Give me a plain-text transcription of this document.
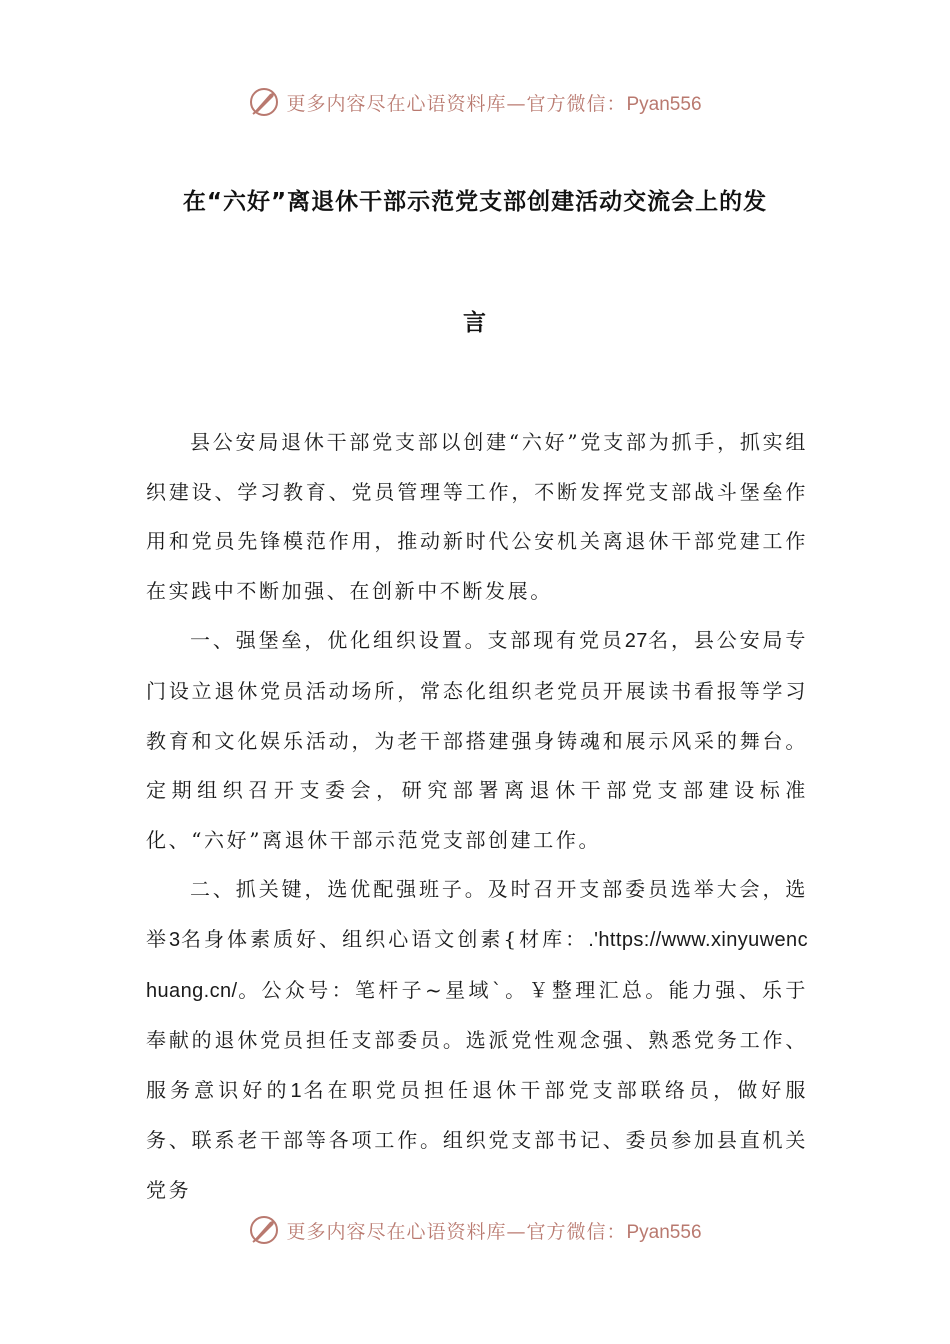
更多内容尽在心语资料库—官方微信：Pyan556
在“六好”离退休干部示范党支部创建活动交流会上的发
言

县公安局退休干部党支部以创建“六好”党支部为抓手，抓实组织建设、学习教育、党员管理等工作，不断发挥党支部战斗堡垒作用和党员先锋模范作用，推动新时代公安机关离退休干部党建工作在实践中不断加强、在创新中不断发展。

一、强堡垒，优化组织设置。支部现有党员27名，县公安局专门设立退休党员活动场所，常态化组织老党员开展读书看报等学习教育和文化娱乐活动，为老干部搭建强身铸魂和展示风采的舞台。定期组织召开支委会，研究部署离退休干部党支部建设标准化、“六好”离退休干部示范党支部创建工作。

二、抓关键，选优配强班子。及时召开支部委员选举大会，选举3名身体素质好、组织心语文创素{材库：.'https://www.xinyuwenchuang.cn/。公众号：笔杆子~星域`。￥整理汇总。能力强、乐于奉献的退休党员担任支部委员。选派党性观念强、熟悉党务工作、服务意识好的1名在职党员担任退休干部党支部联络员，做好服务、联系老干部等各项工作。组织党支部书记、委员参加县直机关党务

更多内容尽在心语资料库—官方微信：Pyan556
